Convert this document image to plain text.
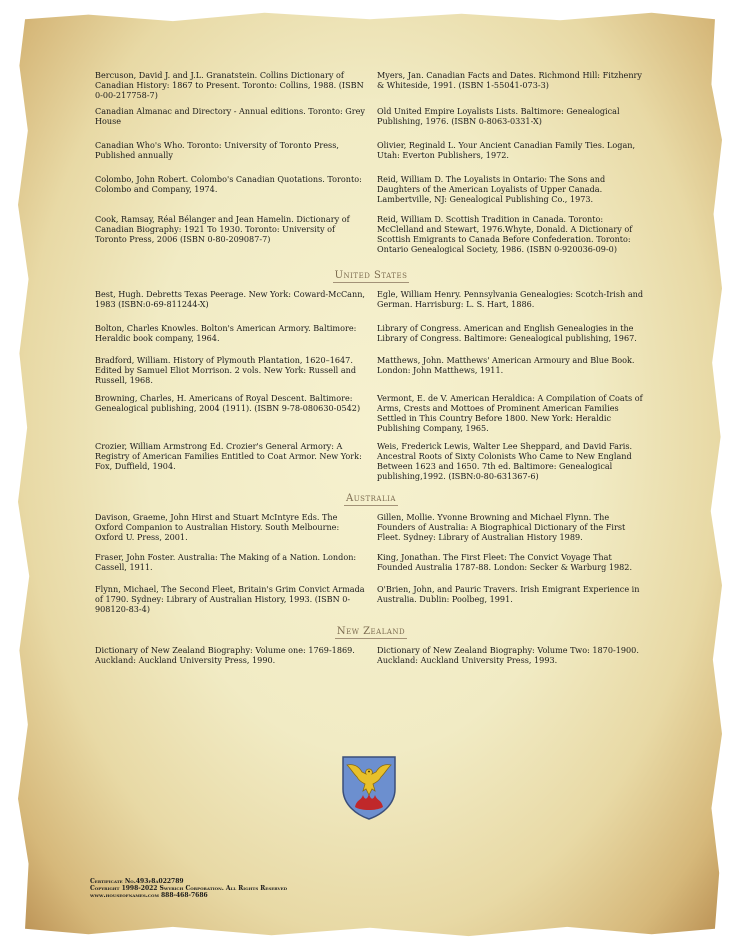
Bercuson, David J. and J.L. Granatstein. Collins Dictionary of Canadian History: 1867 to Present. Toronto: Collins, 1988. (ISBN 0-00-217758-7)
Myers, Jan. Canadian Facts and Dates. Richmond Hill: Fitzhenry & Whiteside, 1991. (ISBN 1-55041-073-3)
Canadian Almanac and Directory - Annual editions. Toronto: Grey House
Old United Empire Loyalists Lists. Baltimore: Genealogical Publishing, 1976. (ISBN 0-8063-0331-X)
Canadian Who's Who. Toronto: University of Toronto Press, Published annually
Olivier, Reginald L. Your Ancient Canadian Family Ties. Logan, Utah: Everton Publishers, 1972.
Colombo, John Robert. Colombo's Canadian Quotations. Toronto: Colombo and Company, 1974.
Reid, William D. The Loyalists in Ontario: The Sons and Daughters of the American Loyalists of Upper Canada. Lambertville, NJ: Genealogical Publishing Co., 1973.
Cook, Ramsay, Réal Bélanger and Jean Hamelin. Dictionary of Canadian Biography: 1921 To 1930. Toronto: University of Toronto Press, 2006 (ISBN 0-80-209087-7)
Reid, William D. Scottish Tradition in Canada. Toronto: McClelland and Stewart, 1976.Whyte, Donald. A Dictionary of Scottish Emigrants to Canada Before Confederation. Toronto: Ontario Genealogical Society, 1986. (ISBN 0-920036-09-0)
United States
Best, Hugh. Debretts Texas Peerage. New York: Coward-McCann, 1983 (ISBN:0-69-811244-X)
Egle, William Henry. Pennsylvania Genealogies: Scotch-Irish and German. Harrisburg: L. S. Hart, 1886.
Bolton, Charles Knowles. Bolton's American Armory. Baltimore: Heraldic book company, 1964.
Library of Congress. American and English Genealogies in the Library of Congress. Baltimore: Genealogical publishing, 1967.
Bradford, William. History of Plymouth Plantation, 1620–1647. Edited by Samuel Eliot Morrison. 2 vols. New York: Russell and Russell, 1968.
Matthews, John. Matthews' American Armoury and Blue Book. London: John Matthews, 1911.
Browning, Charles, H. Americans of Royal Descent. Baltimore: Genealogical publishing, 2004 (1911). (ISBN 9-78-080630-0542)
Vermont, E. de V. American Heraldica: A Compilation of Coats of Arms, Crests and Mottoes of Prominent American Families Settled in This Country Before 1800. New York: Heraldic Publishing Company, 1965.
Crozier, William Armstrong Ed. Crozier's General Armory: A Registry of American Families Entitled to Coat Armor. New York: Fox, Duffield, 1904.
Weis, Frederick Lewis, Walter Lee Sheppard, and David Faris. Ancestral Roots of Sixty Colonists Who Came to New England Between 1623 and 1650. 7th ed. Baltimore: Genealogical publishing,1992. (ISBN:0-80-631367-6)
Australia
Davison, Graeme, John Hirst and Stuart McIntyre Eds. The Oxford Companion to Australian History. South Melbourne: Oxford U. Press, 2001.
Gillen, Mollie. Yvonne Browning and Michael Flynn. The Founders of Australia: A Biographical Dictionary of the First Fleet. Sydney: Library of Australian History 1989.
Fraser, John Foster. Australia: The Making of a Nation. London: Cassell, 1911.
King, Jonathan. The First Fleet: The Convict Voyage That Founded Australia 1787-88. London: Secker & Warburg 1982.
Flynn, Michael, The Second Fleet, Britain's Grim Convict Armada of 1790. Sydney: Library of Australian History, 1993. (ISBN 0-908120-83-4)
O'Brien, John, and Pauric Travers. Irish Emigrant Experience in Australia. Dublin: Poolbeg, 1991.
New Zealand
Dictionary of New Zealand Biography: Volume one: 1769-1869. Auckland: Auckland University Press, 1990.
Dictionary of New Zealand Biography: Volume Two: 1870-1900. Auckland: Auckland University Press, 1993.
Certificate No.493f8a022789
Copyright 1998-2022 Swyrich Corporation. All Rights Reserved
www.houseofnames.com 888-468-7686
